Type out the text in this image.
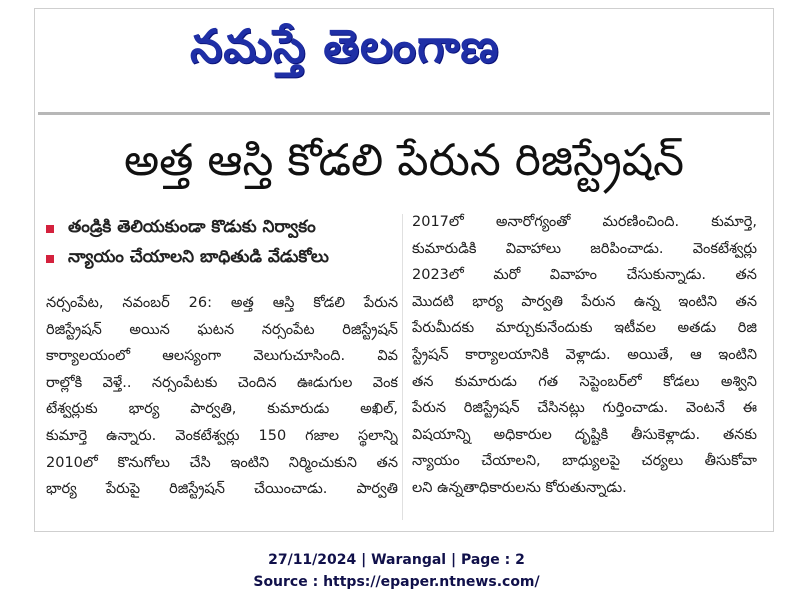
నమస్తే తెలంగాణ
అత్త ఆస్తి కోడలి పేరున రిజిస్ట్రేషన్
తండ్రికి తెలియకుండా కొడుకు నిర్వాకం
న్యాయం చేయాలని బాధితుడి వేడుకోలు

నర్సంపేట, నవంబర్ 26: అత్త ఆస్తి కోడలి పేరున

రిజిస్ట్రేషన్ అయిన ఘటన నర్సంపేట రిజిస్ట్రేషన్

కార్యాలయంలో ఆలస్యంగా వెలుగుచూసింది. వివ

రాల్లోకి వెళ్తే.. నర్సంపేటకు చెందిన ఊడుగుల వెంక

టేశ్వర్లుకు భార్య పార్వతి, కుమారుడు అఖిల్,

కుమార్తె ఉన్నారు. వెంకటేశ్వర్లు 150 గజాల స్థలాన్ని

2010లో కొనుగోలు చేసి ఇంటిని నిర్మించుకుని తన

భార్య పేరుపై రిజిస్ట్రేషన్ చేయించాడు. పార్వతి

2017లో అనారోగ్యంతో మరణించింది. కుమార్తె,

కుమారుడికి వివాహాలు జరిపించాడు. వెంకటేశ్వర్లు

2023లో మరో వివాహం చేసుకున్నాడు. తన

మొదటి భార్య పార్వతి పేరున ఉన్న ఇంటిని తన

పేరుమీదకు మార్చుకునేందుకు ఇటీవల అతడు రిజి

స్ట్రేషన్ కార్యాలయానికి వెళ్లాడు. అయితే, ఆ ఇంటిని

తన కుమారుడు గత సెప్టెంబర్‌లో కోడలు అశ్విని

పేరున రిజిస్ట్రేషన్ చేసినట్లు గుర్తించాడు. వెంటనే ఈ

విషయాన్ని అధికారుల దృష్టికి తీసుకెళ్లాడు. తనకు

న్యాయం చేయాలని, బాధ్యులపై చర్యలు తీసుకోవా

లని ఉన్నతాధికారులను కోరుతున్నాడు.

27/11/2024 | Warangal | Page : 2
Source : https://epaper.ntnews.com/
